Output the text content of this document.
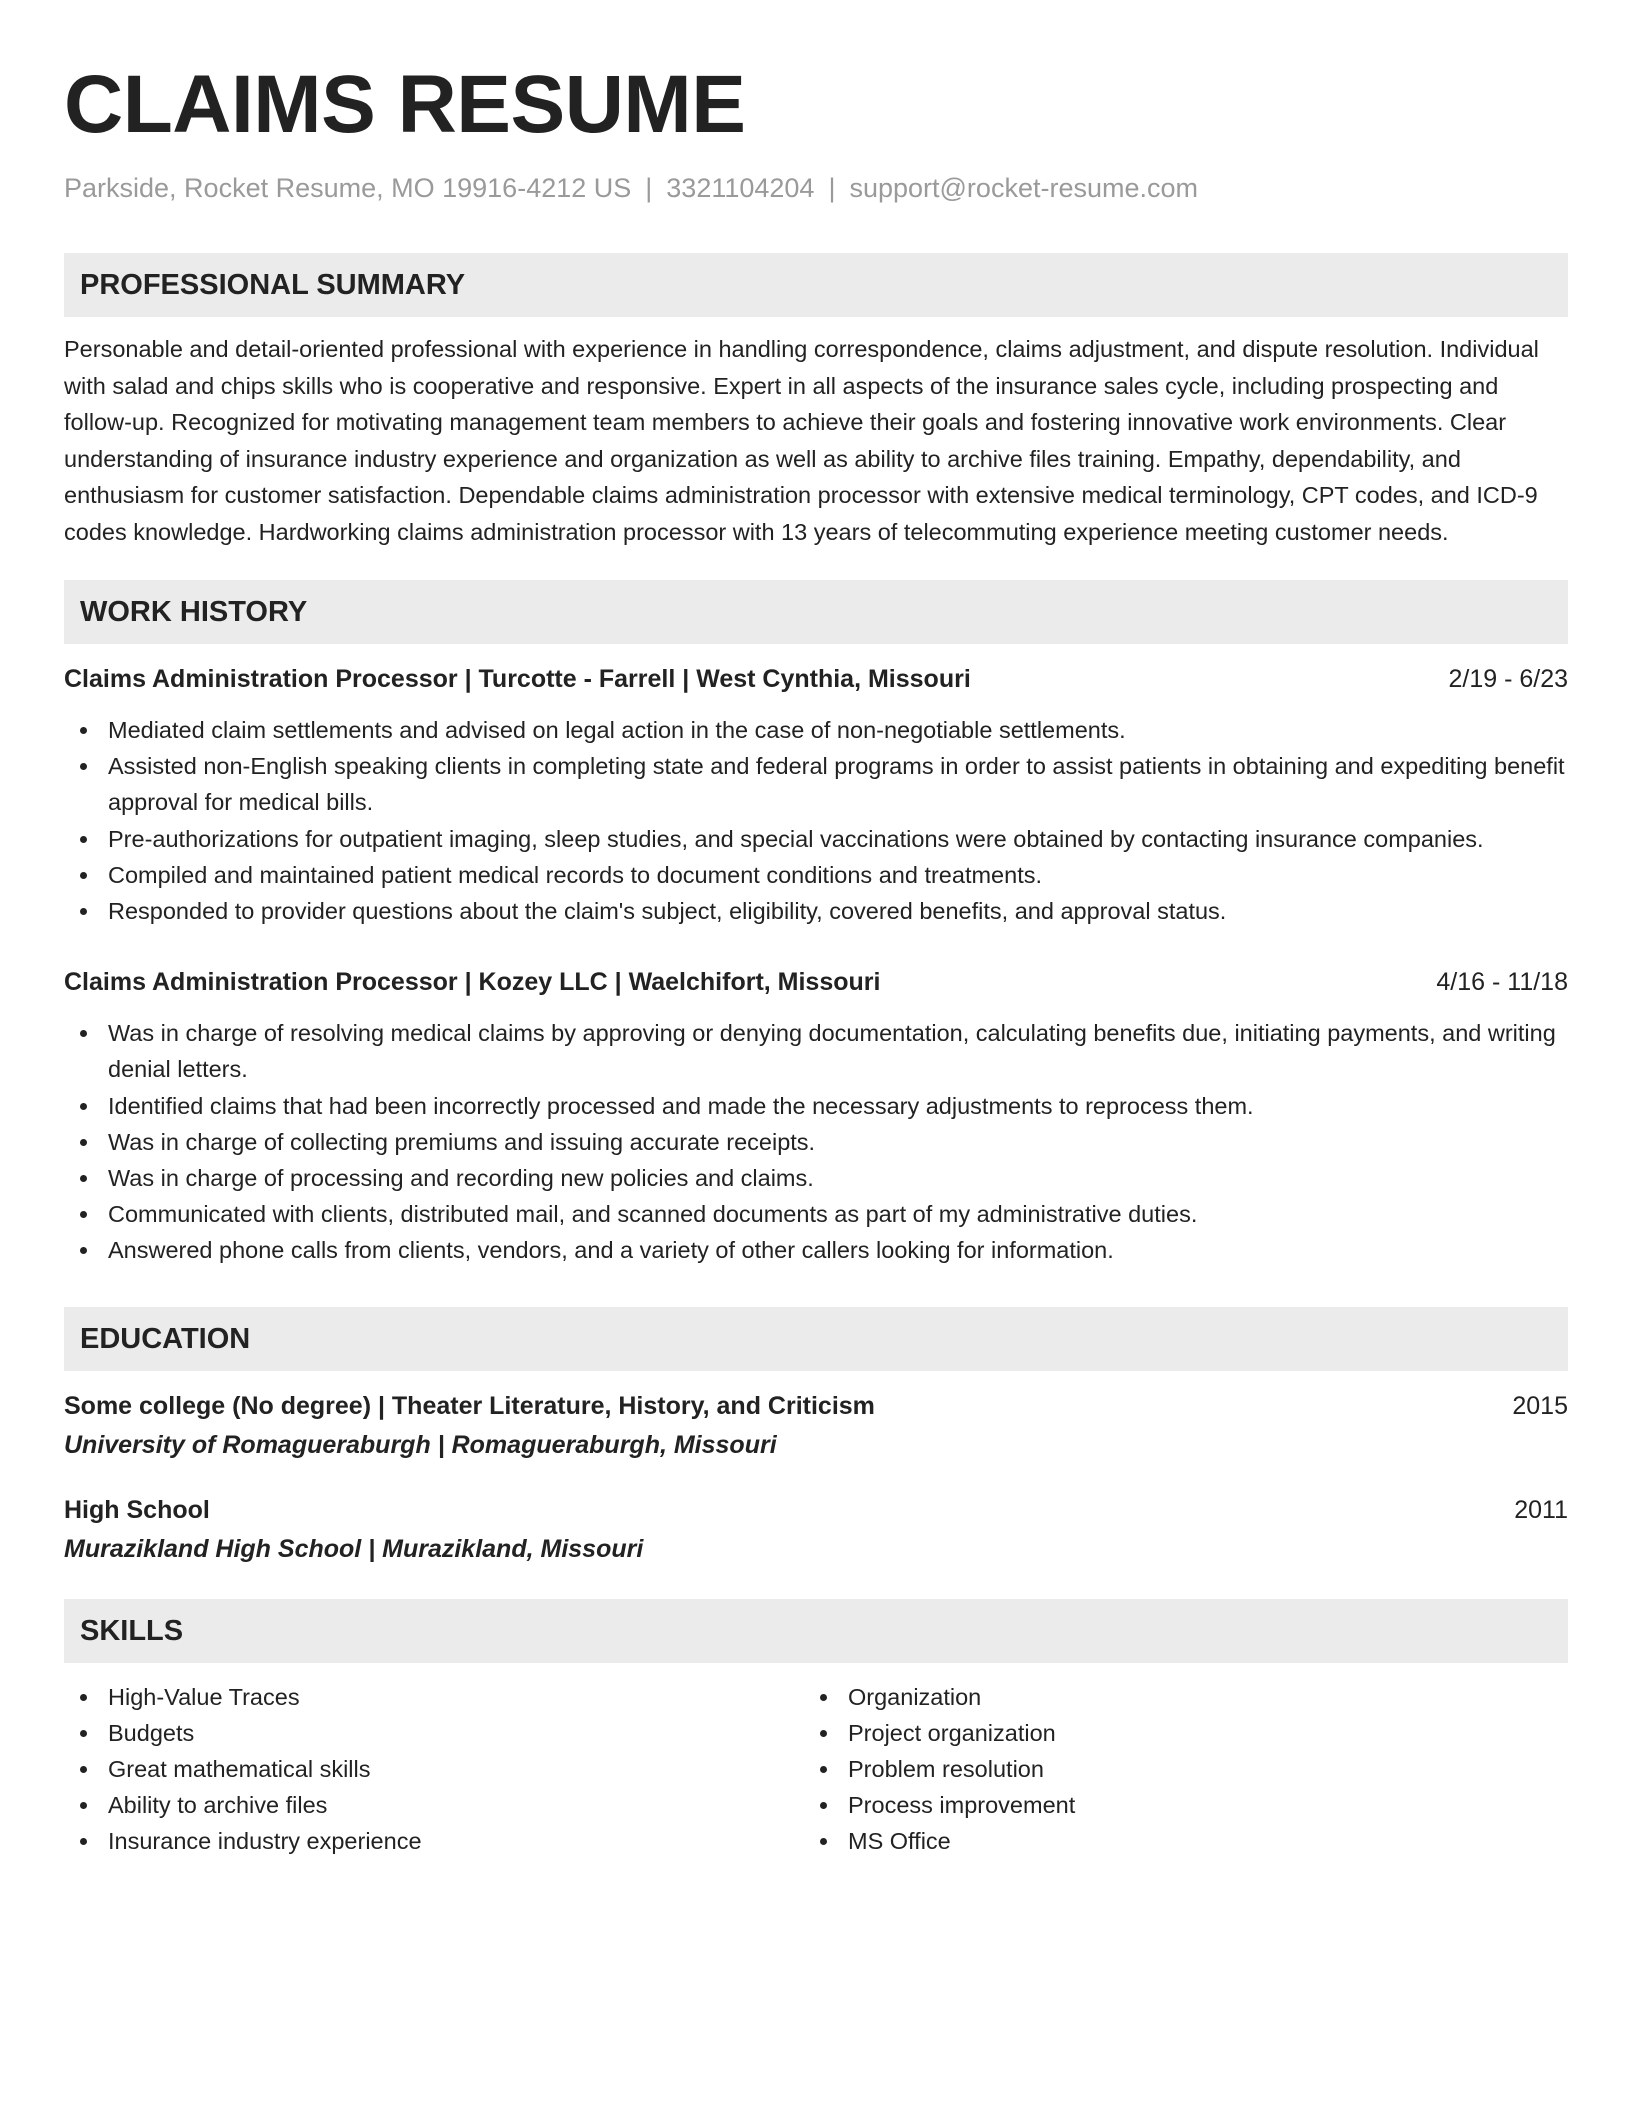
CLAIMS RESUME
Parkside, Rocket Resume, MO 19916-4212 US | 3321104204 | support@rocket-resume.com
PROFESSIONAL SUMMARY

Personable and detail-oriented professional with experience in handling correspondence, claims adjustment, and dispute resolution. Individual with salad and chips skills who is cooperative and responsive. Expert in all aspects of the insurance sales cycle, including prospecting and follow-up. Recognized for motivating management team members to achieve their goals and fostering innovative work environments. Clear understanding of insurance industry experience and organization as well as ability to archive files training. Empathy, dependability, and enthusiasm for customer satisfaction. Dependable claims administration processor with extensive medical terminology, CPT codes, and ICD-9 codes knowledge. Hardworking claims administration processor with 13 years of telecommuting experience meeting customer needs.

WORK HISTORY
Claims Administration Processor | Turcotte - Farrell | West Cynthia, Missouri	2/19 - 6/23
Mediated claim settlements and advised on legal action in the case of non-negotiable settlements.
Assisted non-English speaking clients in completing state and federal programs in order to assist patients in obtaining and expediting benefit approval for medical bills.
Pre-authorizations for outpatient imaging, sleep studies, and special vaccinations were obtained by contacting insurance companies.
Compiled and maintained patient medical records to document conditions and treatments.
Responded to provider questions about the claim's subject, eligibility, covered benefits, and approval status.
Claims Administration Processor | Kozey LLC | Waelchifort, Missouri	4/16 - 11/18
Was in charge of resolving medical claims by approving or denying documentation, calculating benefits due, initiating payments, and writing denial letters.
Identified claims that had been incorrectly processed and made the necessary adjustments to reprocess them.
Was in charge of collecting premiums and issuing accurate receipts.
Was in charge of processing and recording new policies and claims.
Communicated with clients, distributed mail, and scanned documents as part of my administrative duties.
Answered phone calls from clients, vendors, and a variety of other callers looking for information.
EDUCATION
Some college (No degree) | Theater Literature, History, and Criticism	2015
University of Romagueraburgh | Romagueraburgh, Missouri
High School	2011
Murazikland High School | Murazikland, Missouri
SKILLS
High-Value Traces
Budgets
Great mathematical skills
Ability to archive files
Insurance industry experience
Organization
Project organization
Problem resolution
Process improvement
MS Office
